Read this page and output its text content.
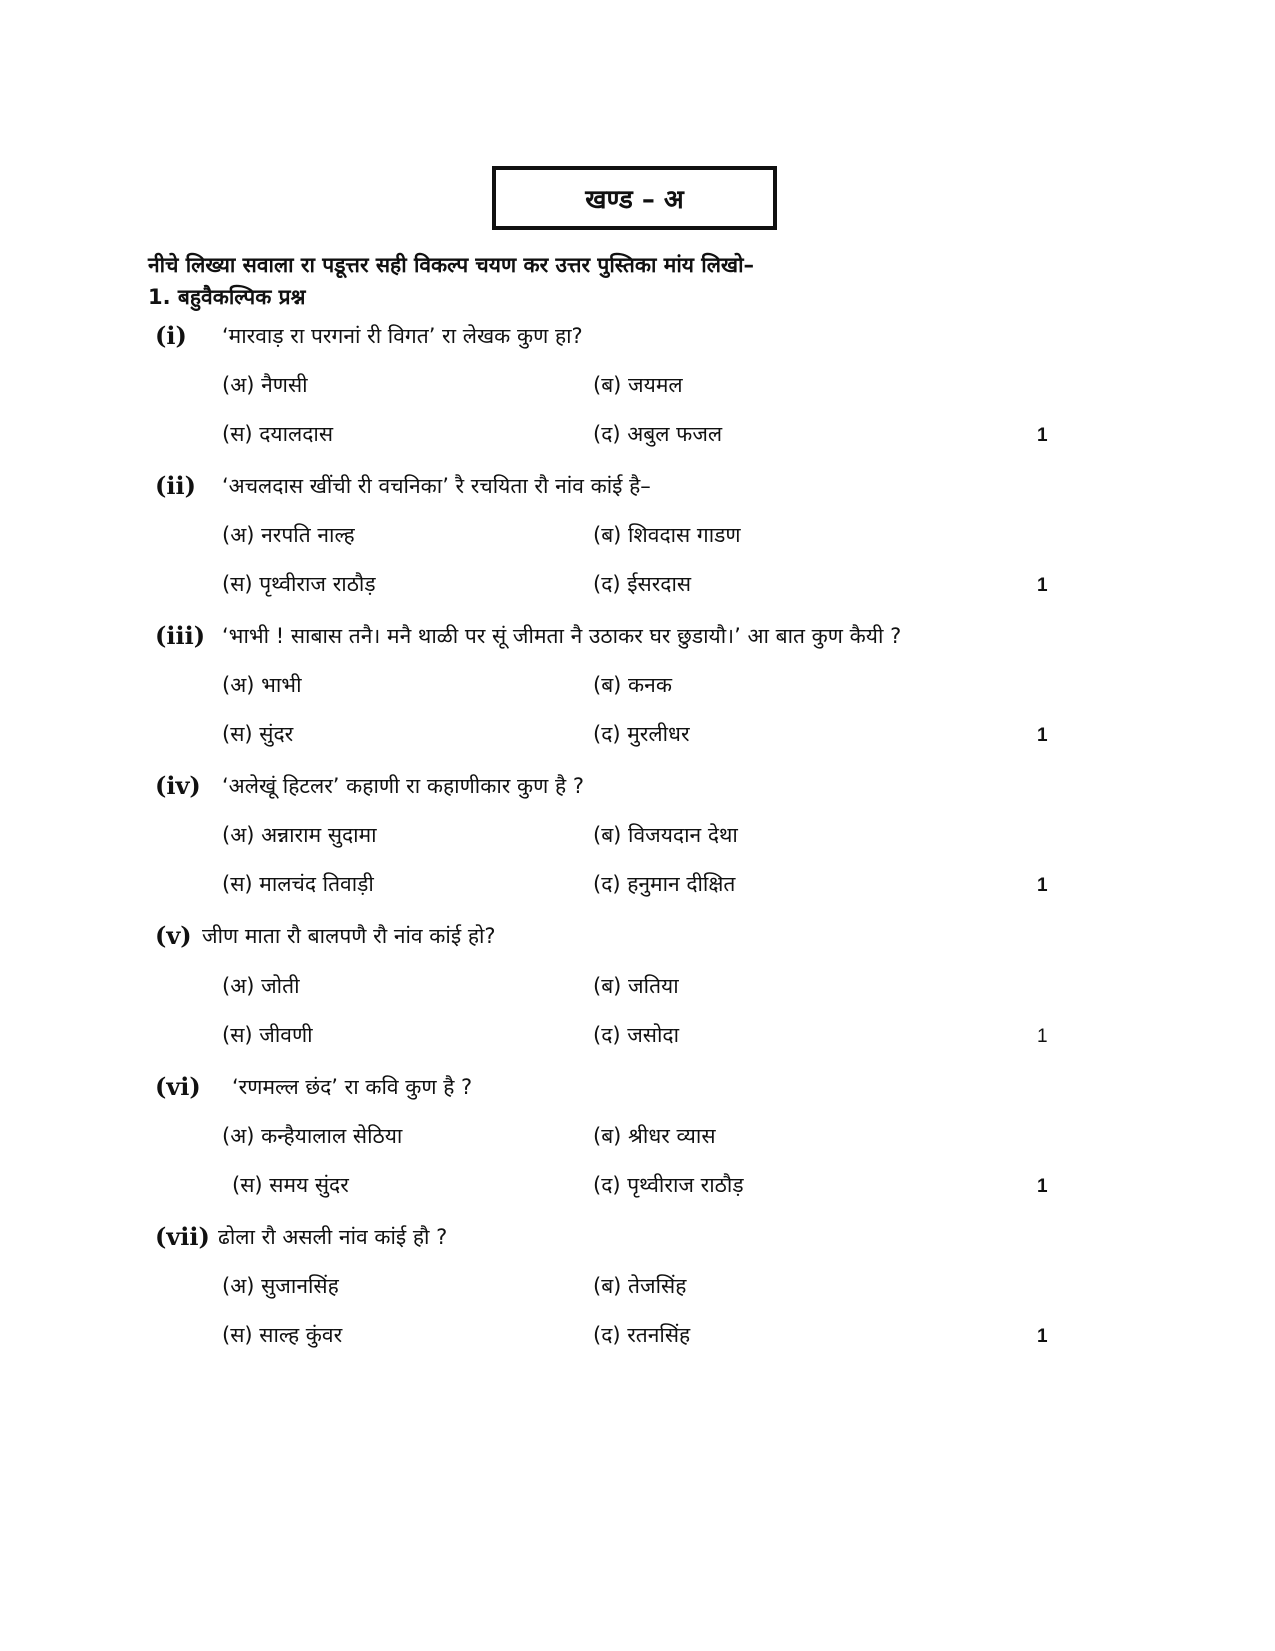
खण्ड – अ
नीचे लिख्या सवाला रा पडूत्तर सही विकल्प चयण कर उत्तर पुस्तिका मांय लिखो–
1. बहुवैकल्पिक प्रश्न
(i) ‘मारवाड़ रा परगनां री विगत’ रा लेखक कुण हा?
(अ) नैणसी	(ब) जयमल
(स) दयालदास	(द) अबुल फजल	1
(ii) ‘अचलदास खींची री वचनिका’ रै रचयिता रौ नांव कांई है–
(अ) नरपति नाल्ह	(ब) शिवदास गाडण
(स) पृथ्वीराज राठौड़	(द) ईसरदास	1
(iii) ‘भाभी ! साबास तनै। मनै थाळी पर सूं जीमता नै उठाकर घर छुडायौ।’ आ बात कुण कैयी ?
(अ) भाभी	(ब) कनक
(स) सुंदर	(द) मुरलीधर	1
(iv) ‘अलेखूं हिटलर’ कहाणी रा कहाणीकार कुण है ?
(अ) अन्नाराम सुदामा	(ब) विजयदान देथा
(स) मालचंद तिवाड़ी	(द) हनुमान दीक्षित	1
(v) जीण माता रौ बालपणै रौ नांव कांई हो?
(अ) जोती	(ब) जतिया
(स) जीवणी	(द) जसोदा	1
(vi) ‘रणमल्ल छंद’ रा कवि कुण है ?
(अ) कन्हैयालाल सेठिया	(ब) श्रीधर व्यास
(स) समय सुंदर	(द) पृथ्वीराज राठौड़	1
(vii) ढोला रौ असली नांव कांई हौ ?
(अ) सुजानसिंह	(ब) तेजसिंह
(स) साल्ह कुंवर	(द) रतनसिंह	1
